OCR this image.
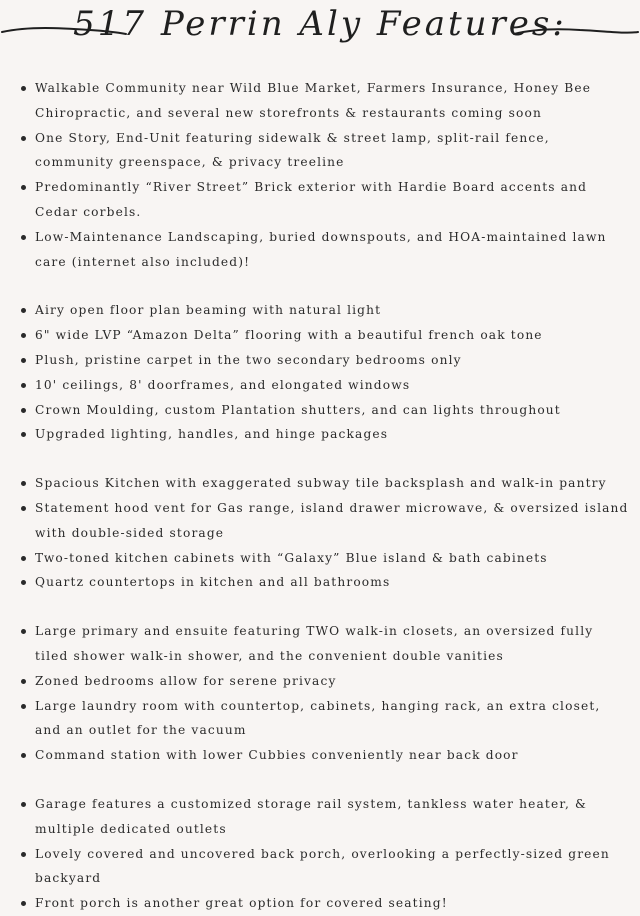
517 Perrin Aly Features:
Walkable Community near Wild Blue Market, Farmers Insurance, Honey Bee Chiropractic, and several new storefronts & restaurants coming soon
One Story, End-Unit featuring sidewalk & street lamp, split-rail fence, community greenspace, & privacy treeline
Predominantly “River Street” Brick exterior with Hardie Board accents and Cedar corbels.
Low-Maintenance Landscaping, buried downspouts, and HOA-maintained lawn care (internet also included)!
Airy open floor plan beaming with natural light
6" wide LVP “Amazon Delta” flooring with a beautiful french oak tone
Plush, pristine carpet in the two secondary bedrooms only
10' ceilings, 8' doorframes, and elongated windows
Crown Moulding, custom Plantation shutters, and can lights throughout
Upgraded lighting, handles, and hinge packages
Spacious Kitchen with exaggerated subway tile backsplash and walk-in pantry
Statement hood vent for Gas range, island drawer microwave, & oversized island with double-sided storage
Two-toned kitchen cabinets with “Galaxy” Blue island & bath cabinets
Quartz countertops in kitchen and all bathrooms
Large primary and ensuite featuring TWO walk-in closets, an oversized fully tiled shower walk-in shower, and the convenient double vanities
Zoned bedrooms allow for serene privacy
Large laundry room with countertop, cabinets, hanging rack, an extra closet, and an outlet for the vacuum
Command station with lower Cubbies conveniently near back door
Garage features a customized storage rail system, tankless water heater, & multiple dedicated outlets
Lovely covered and uncovered back porch, overlooking a perfectly-sized green backyard
Front porch is another great option for covered seating!
